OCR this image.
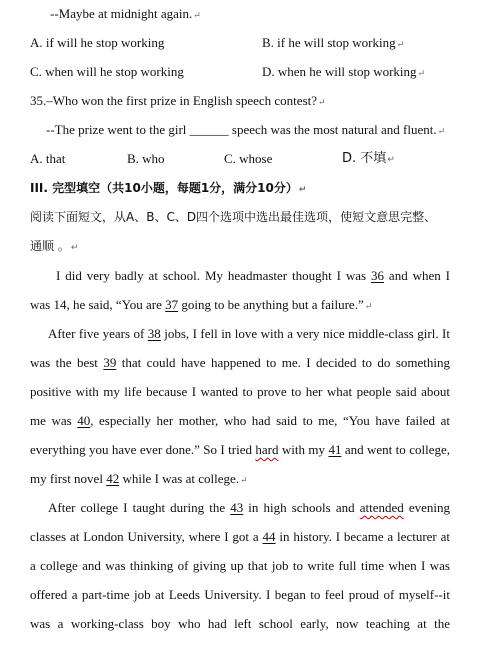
--Maybe at midnight again.↵
A. if will he stop working	B. if he will stop working↵
C. when will he stop working	D. when he will stop working↵
35.–Who won the first prize in English speech contest?↵
--The prize went to the girl ______ speech was the most natural and fluent.↵
A. that	B. who	C. whose	D. 不填↵
III. 完型填空（共10小题，每题1分，满分10分）↵
阅读下面短文，从A、B、C、D四个选项中选出最佳选项，使短文意思完整、
通顺 。↵
I did very badly at school. My headmaster thought I was 36 and when I
was 14, he said, “You are 37 going to be anything but a failure.”↵
After five years of 38 jobs, I fell in love with a very nice middle-class girl. It
was the best 39 that could have happened to me. I decided to do something
positive with my life because I wanted to prove to her what people said about
me was 40, especially her mother, who had said to me, “You have failed at
everything you have ever done.” So I tried hard with my 41 and went to college,
my first novel 42 while I was at college.↵
After college I taught during the 43 in high schools and attended evening
classes at London University, where I got a 44 in history. I became a lecturer at
a college and was thinking of giving up that job to write full time when I was
offered a part-time job at Leeds University. I began to feel proud of myself--it
was a working-class boy who had left school early, now teaching at the
